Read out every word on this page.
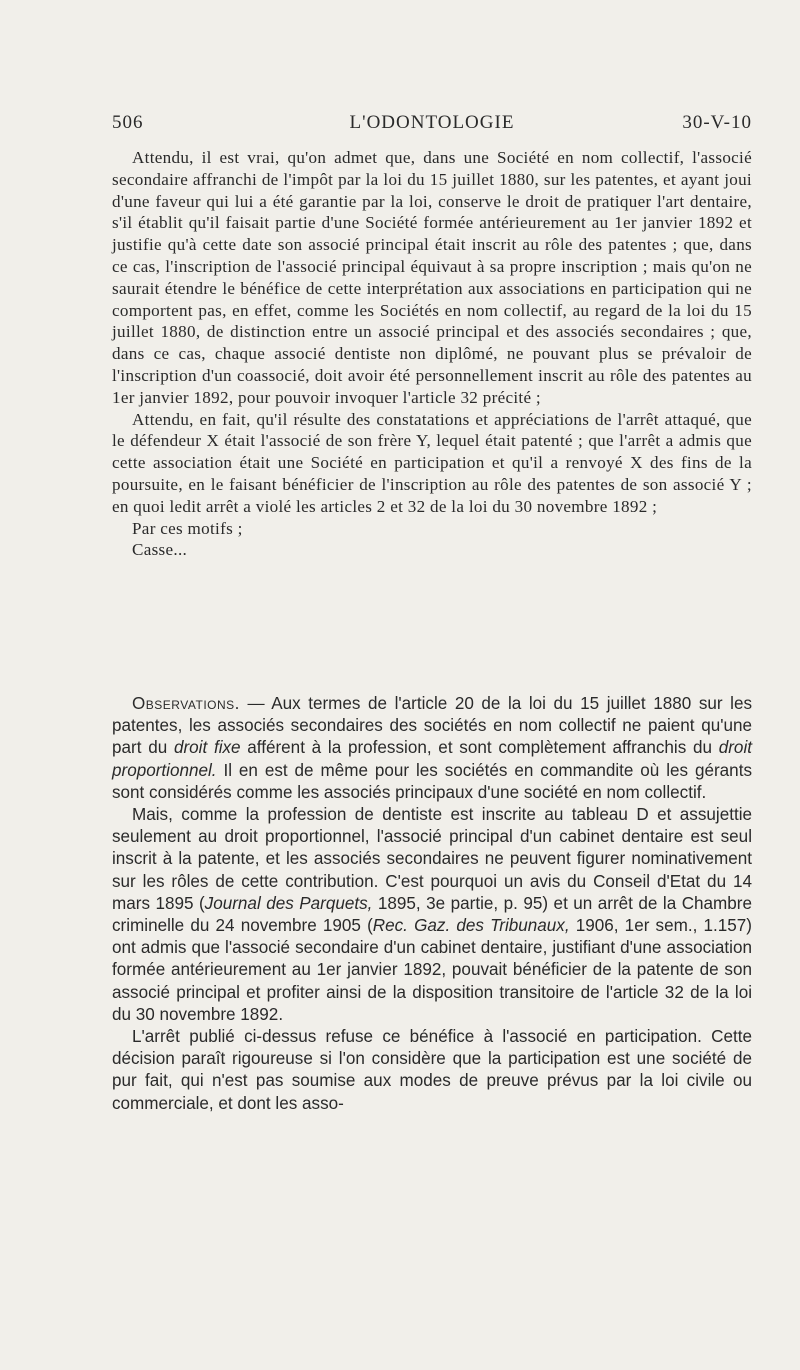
506	L'ODONTOLOGIE	30-V-10

Attendu, il est vrai, qu'on admet que, dans une Société en nom collectif, l'associé secondaire affranchi de l'impôt par la loi du 15 juillet 1880, sur les patentes, et ayant joui d'une faveur qui lui a été garantie par la loi, conserve le droit de pratiquer l'art dentaire, s'il établit qu'il faisait partie d'une Société formée antérieurement au 1er janvier 1892 et justifie qu'à cette date son associé principal était inscrit au rôle des patentes ; que, dans ce cas, l'inscription de l'associé principal équivaut à sa propre inscription ; mais qu'on ne saurait étendre le bénéfice de cette interprétation aux associations en participation qui ne comportent pas, en effet, comme les Sociétés en nom collectif, au regard de la loi du 15 juillet 1880, de distinction entre un associé principal et des associés secondaires ; que, dans ce cas, chaque associé dentiste non diplômé, ne pouvant plus se prévaloir de l'inscription d'un coassocié, doit avoir été personnellement inscrit au rôle des patentes au 1er janvier 1892, pour pouvoir invoquer l'article 32 précité ;

Attendu, en fait, qu'il résulte des constatations et appréciations de l'arrêt attaqué, que le défendeur X était l'associé de son frère Y, lequel était patenté ; que l'arrêt a admis que cette association était une Société en participation et qu'il a renvoyé X des fins de la poursuite, en le faisant bénéficier de l'inscription au rôle des patentes de son associé Y ; en quoi ledit arrêt a violé les articles 2 et 32 de la loi du 30 novembre 1892 ;

Par ces motifs ;

Casse...

Observations. — Aux termes de l'article 20 de la loi du 15 juillet 1880 sur les patentes, les associés secondaires des sociétés en nom collectif ne paient qu'une part du droit fixe afférent à la profession, et sont complètement affranchis du droit proportionnel. Il en est de même pour les sociétés en commandite où les gérants sont considérés comme les associés principaux d'une société en nom collectif.

Mais, comme la profession de dentiste est inscrite au tableau D et assujettie seulement au droit proportionnel, l'associé principal d'un cabinet dentaire est seul inscrit à la patente, et les associés secondaires ne peuvent figurer nominativement sur les rôles de cette contribution. C'est pourquoi un avis du Conseil d'Etat du 14 mars 1895 (Journal des Parquets, 1895, 3e partie, p. 95) et un arrêt de la Chambre criminelle du 24 novembre 1905 (Rec. Gaz. des Tribunaux, 1906, 1er sem., 1.157) ont admis que l'associé secondaire d'un cabinet dentaire, justifiant d'une association formée antérieurement au 1er janvier 1892, pouvait bénéficier de la patente de son associé principal et profiter ainsi de la disposition transitoire de l'article 32 de la loi du 30 novembre 1892.

L'arrêt publié ci-dessus refuse ce bénéfice à l'associé en participation. Cette décision paraît rigoureuse si l'on considère que la participation est une société de pur fait, qui n'est pas soumise aux modes de preuve prévus par la loi civile ou commerciale, et dont les asso-
